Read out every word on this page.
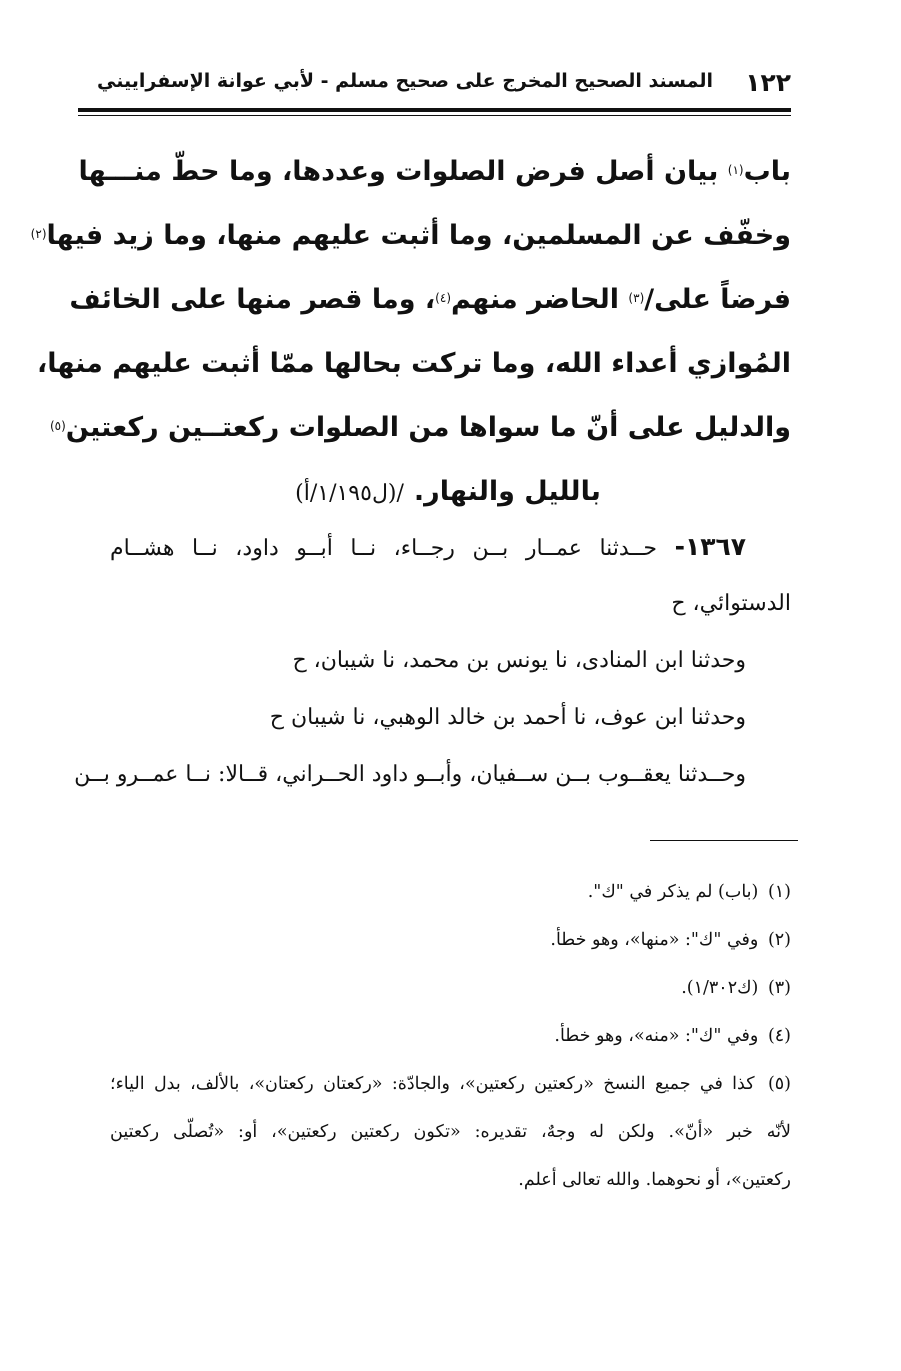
١٢٢
المسند الصحيح المخرج على صحيح مسلم - لأبي عوانة الإسفراييني
باب$^{(١)}$ بيان أصل فرض الصلوات وعددها، وما حطّ منـــها
وخفّف عن المسلمين، وما أثبت عليهم منها، وما زيد فيها$^{(٢)}$
فرضاً على/$^{(٣)}$ الحاضر منهم$^{(٤)}$، وما قصر منها على الخائف
المُوازي أعداء الله، وما تركت بحالها ممّا أثبت عليهم منها،
والدليل على أنّ ما سواها من الصلوات ركعتــين ركعتين$^{(٥)}$
بالليل والنهار./(ل١/١٩٥/أ)
١٣٦٧- حــدثنا عمــار بــن رجــاء، نــا أبــو داود، نــا هشــام
الدستوائي، ح
وحدثنا ابن المنادى، نا يونس بن محمد، نا شيبان، ح
وحدثنا ابن عوف، نا أحمد بن خالد الوهبي، نا شيبان ح
وحــدثنا يعقــوب بــن ســفيان، وأبــو داود الحــراني، قــالا: نــا عمــرو بــن
(١) (باب) لم يذكر في "ك".
(٢) وفي "ك": «منها»، وهو خطأ.
(٣) (ك١/٣٠٢).
(٤) وفي "ك": «منه»، وهو خطأ.
(٥) كذا في جميع النسخ «ركعتين ركعتين»، والجادّة: «ركعتان ركعتان»، بالألف، بدل الياء؛
لأنّه خبر «أنّ». ولكن له وجهٌ، تقديره: «تكون ركعتين ركعتين»، أو: «تُصلّى ركعتين
ركعتين»، أو نحوهما. والله تعالى أعلم.
